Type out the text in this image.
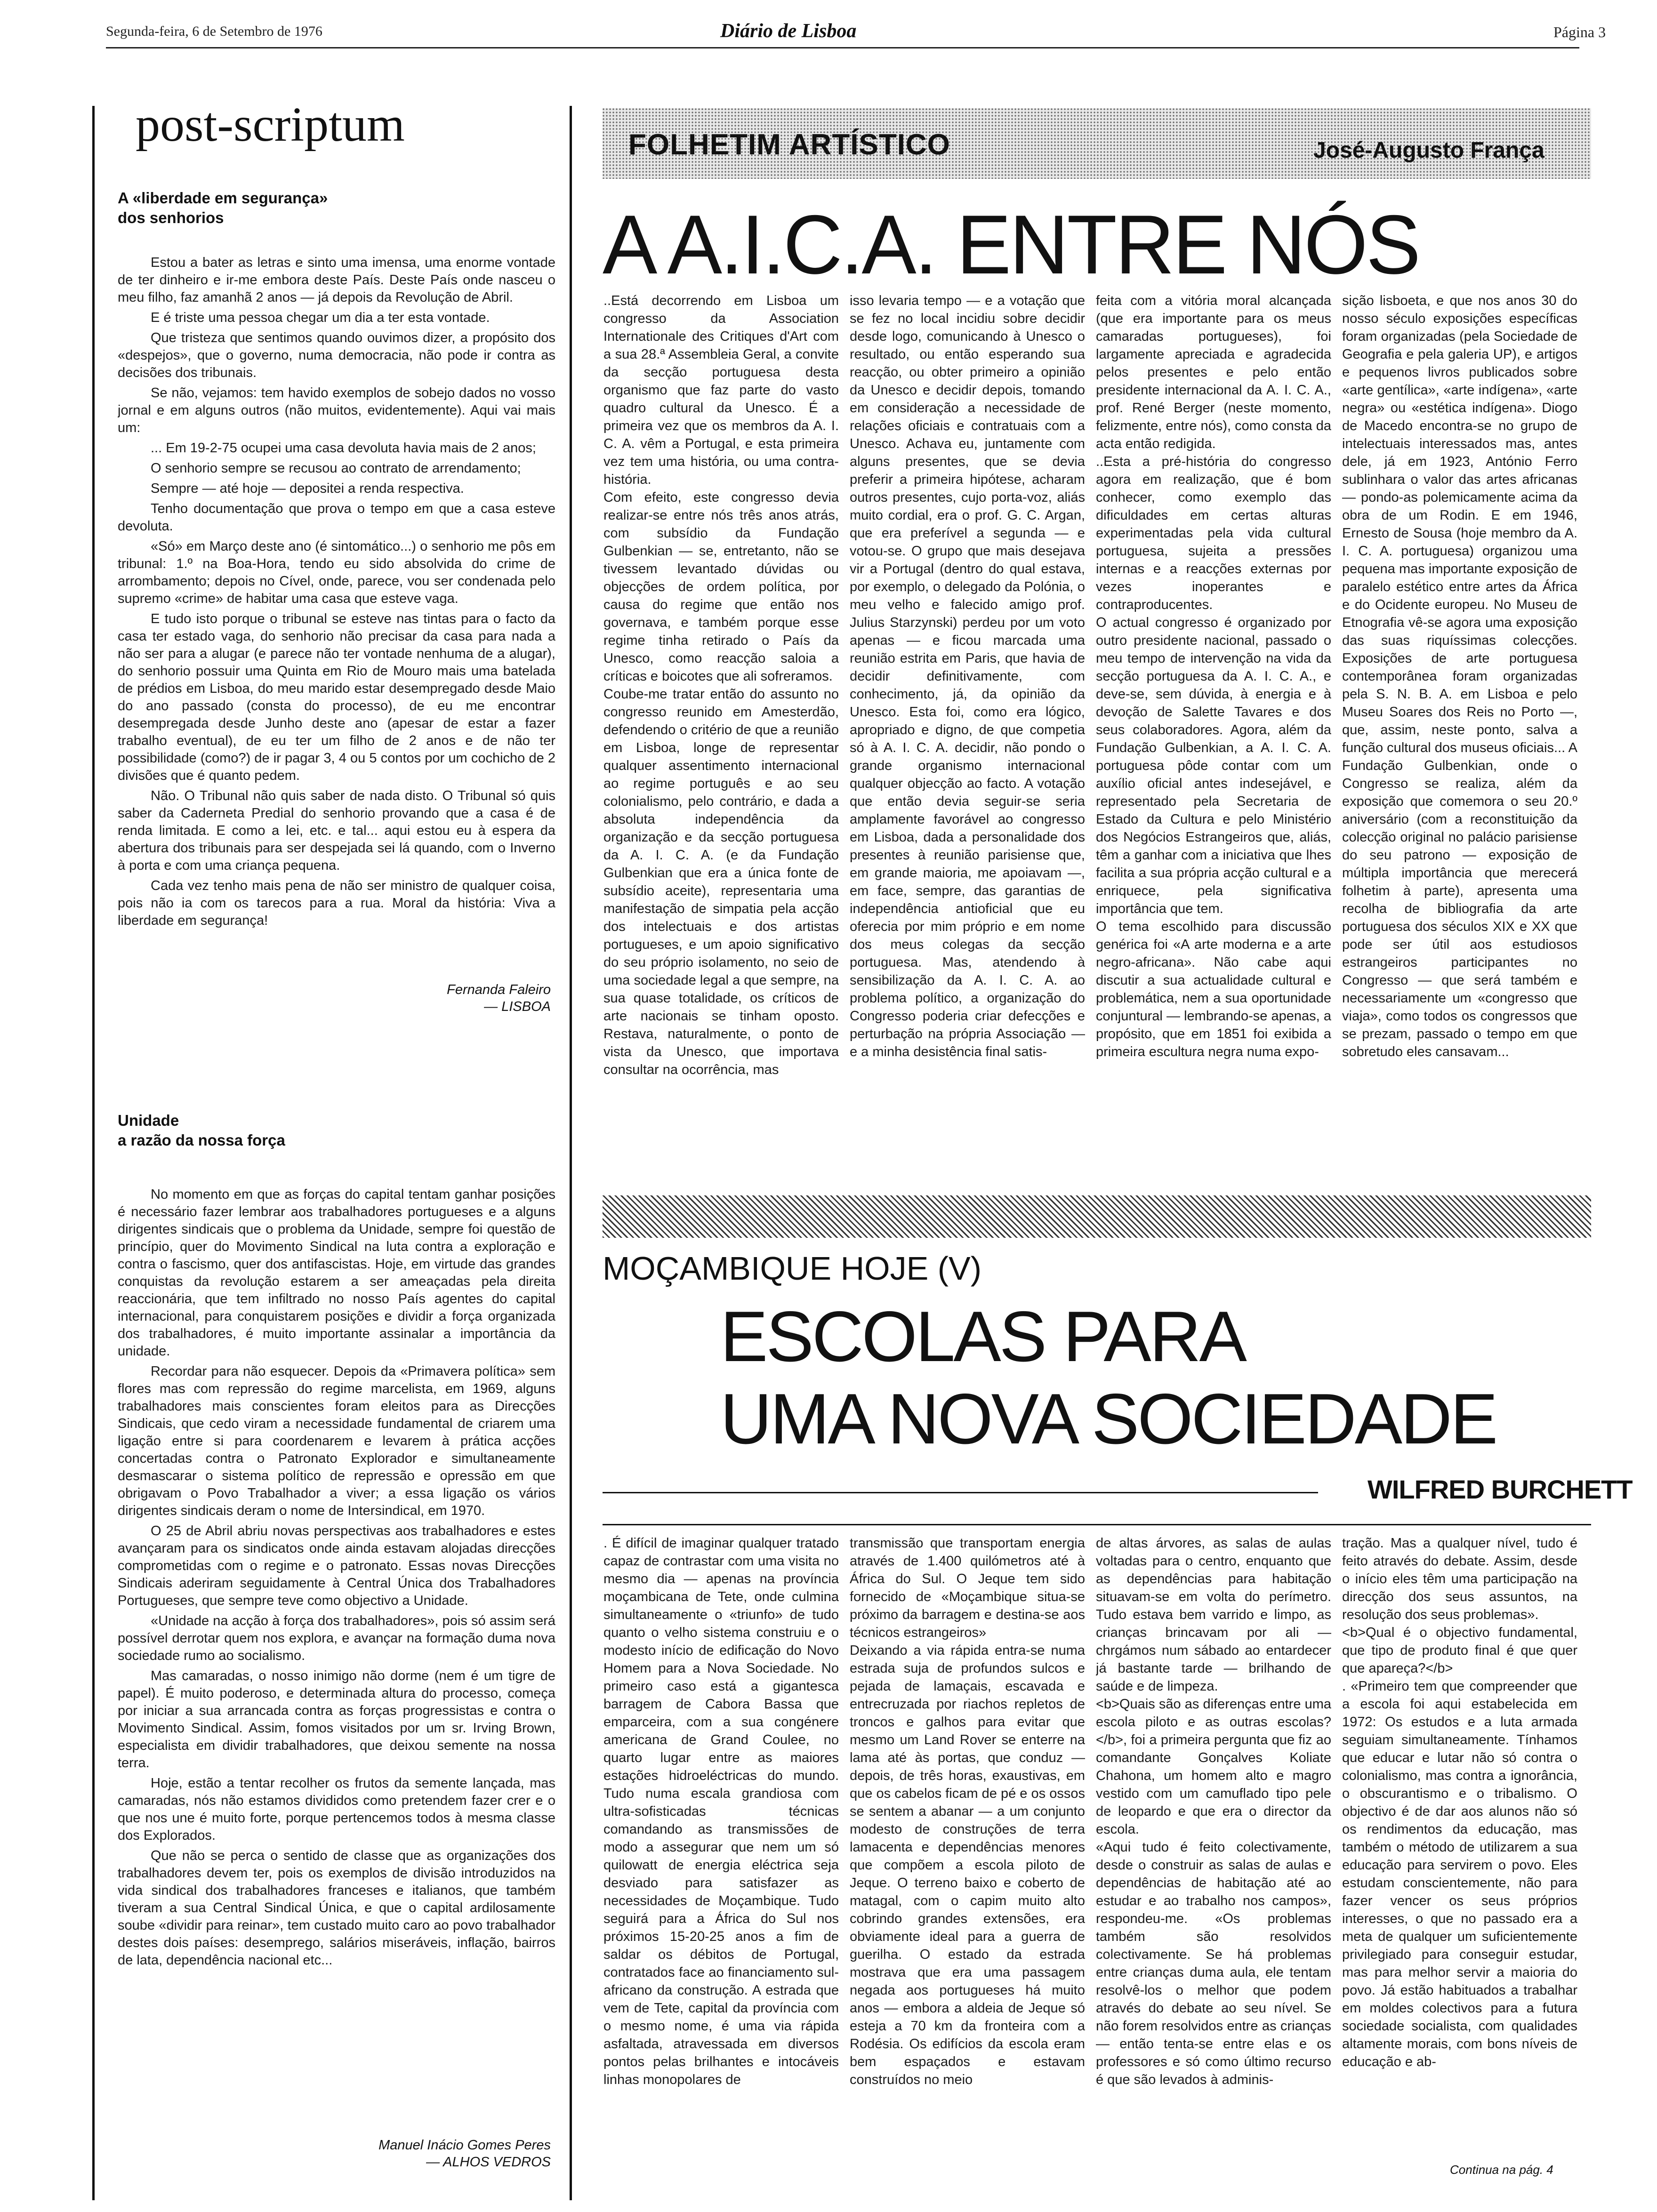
Segunda-feira, 6 de Setembro de 1976	Diário de Lisboa	Página 3
post-scriptum
A «liberdade em segurança»
dos senhorios

Estou a bater as letras e sinto uma imensa, uma enorme vontade de ter dinheiro e ir-me embora deste País. Deste País onde nasceu o meu filho, faz amanhã 2 anos — já depois da Revolução de Abril.

E é triste uma pessoa chegar um dia a ter esta vontade.

Que tristeza que sentimos quando ouvimos dizer, a propósito dos «despejos», que o governo, numa democracia, não pode ir contra as decisões dos tribunais.

Se não, vejamos: tem havido exemplos de sobejo dados no vosso jornal e em alguns outros (não muitos, evidentemente). Aqui vai mais um:

... Em 19-2-75 ocupei uma casa devoluta havia mais de 2 anos;

O senhorio sempre se recusou ao contrato de arrendamento;

Sempre — até hoje — depositei a renda respectiva.

Tenho documentação que prova o tempo em que a casa esteve devoluta.

«Só» em Março deste ano (é sintomático...) o senhorio me pôs em tribunal: 1.º na Boa-Hora, tendo eu sido absolvida do crime de arrombamento; depois no Cível, onde, parece, vou ser condenada pelo supremo «crime» de habitar uma casa que esteve vaga.

E tudo isto porque o tribunal se esteve nas tintas para o facto da casa ter estado vaga, do senhorio não precisar da casa para nada a não ser para a alugar (e parece não ter vontade nenhuma de a alugar), do senhorio possuir uma Quinta em Rio de Mouro mais uma batelada de prédios em Lisboa, do meu marido estar desempregado desde Maio do ano passado (consta do processo), de eu me encontrar desempregada desde Junho deste ano (apesar de estar a fazer trabalho eventual), de eu ter um filho de 2 anos e de não ter possibilidade (como?) de ir pagar 3, 4 ou 5 contos por um cochicho de 2 divisões que é quanto pedem.

Não. O Tribunal não quis saber de nada disto. O Tribunal só quis saber da Caderneta Predial do senhorio provando que a casa é de renda limitada. E como a lei, etc. e tal... aqui estou eu à espera da abertura dos tribunais para ser despejada sei lá quando, com o Inverno à porta e com uma criança pequena.

Cada vez tenho mais pena de não ser ministro de qualquer coisa, pois não ia com os tarecos para a rua. Moral da história: Viva a liberdade em segurança!

Fernanda Faleiro
— LISBOA
Unidade
a razão da nossa força

No momento em que as forças do capital tentam ganhar posições é necessário fazer lembrar aos trabalhadores portugueses e a alguns dirigentes sindicais que o problema da Unidade, sempre foi questão de princípio, quer do Movimento Sindical na luta contra a exploração e contra o fascismo, quer dos antifascistas. Hoje, em virtude das grandes conquistas da revolução estarem a ser ameaçadas pela direita reaccionária, que tem infiltrado no nosso País agentes do capital internacional, para conquistarem posições e dividir a força organizada dos trabalhadores, é muito importante assinalar a importância da unidade.

Recordar para não esquecer. Depois da «Primavera política» sem flores mas com repressão do regime marcelista, em 1969, alguns trabalhadores mais conscientes foram eleitos para as Direcções Sindicais, que cedo viram a necessidade fundamental de criarem uma ligação entre si para coordenarem e levarem à prática acções concertadas contra o Patronato Explorador e simultaneamente desmascarar o sistema político de repressão e opressão em que obrigavam o Povo Trabalhador a viver; a essa ligação os vários dirigentes sindicais deram o nome de Intersindical, em 1970.

O 25 de Abril abriu novas perspectivas aos trabalhadores e estes avançaram para os sindicatos onde ainda estavam alojadas direcções comprometidas com o regime e o patronato. Essas novas Direcções Sindicais aderiram seguidamente à Central Única dos Trabalhadores Portugueses, que sempre teve como objectivo a Unidade.

«Unidade na acção à força dos trabalhadores», pois só assim será possível derrotar quem nos explora, e avançar na formação duma nova sociedade rumo ao socialismo.

Mas camaradas, o nosso inimigo não dorme (nem é um tigre de papel). É muito poderoso, e determinada altura do processo, começa por iniciar a sua arrancada contra as forças progressistas e contra o Movimento Sindical. Assim, fomos visitados por um sr. Irving Brown, especialista em dividir trabalhadores, que deixou semente na nossa terra.

Hoje, estão a tentar recolher os frutos da semente lançada, mas camaradas, nós não estamos divididos como pretendem fazer crer e o que nos une é muito forte, porque pertencemos todos à mesma classe dos Explorados.

Que não se perca o sentido de classe que as organizações dos trabalhadores devem ter, pois os exemplos de divisão introduzidos na vida sindical dos trabalhadores franceses e italianos, que também tiveram a sua Central Sindical Única, e que o capital ardilosamente soube «dividir para reinar», tem custado muito caro ao povo trabalhador destes dois países: desemprego, salários miseráveis, inflação, bairros de lata, dependência nacional etc...

Manuel Inácio Gomes Peres
— ALHOS VEDROS
FOLHETIM ARTÍSTICO	José-Augusto França
A A.I.C.A. ENTRE NÓS

..Está decorrendo em Lisboa um congresso da Association Internationale des Critiques d'Art com a sua 28.ª Assembleia Geral, a convite da secção portuguesa desta organismo que faz parte do vasto quadro cultural da Unesco. É a primeira vez que os membros da A. I. C. A. vêm a Portugal, e esta primeira vez tem uma história, ou uma contra-história.
Com efeito, este congresso devia realizar-se entre nós três anos atrás, com subsídio da Fundação Gulbenkian — se, entretanto, não se tivessem levantado dúvidas ou objecções de ordem política, por causa do regime que então nos governava, e também porque esse regime tinha retirado o País da Unesco, como reacção saloia a críticas e boicotes que ali sofreramos.
Coube-me tratar então do assunto no congresso reunido em Amesterdão, defendendo o critério de que a reunião em Lisboa, longe de representar qualquer assentimento internacional ao regime português e ao seu colonialismo, pelo contrário, e dada a absoluta independência da organização e da secção portuguesa da A. I. C. A. (e da Fundação Gulbenkian que era a única fonte de subsídio aceite), representaria uma manifestação de simpatia pela acção dos intelectuais e dos artistas portugueses, e um apoio significativo do seu próprio isolamento, no seio de uma sociedade legal a que sempre, na sua quase totalidade, os críticos de arte nacionais se tinham oposto. Restava, naturalmente, o ponto de vista da Unesco, que importava consultar na ocorrência, mas

isso levaria tempo — e a votação que se fez no local incidiu sobre decidir desde logo, comunicando à Unesco o resultado, ou então esperando sua reacção, ou obter primeiro a opinião da Unesco e decidir depois, tomando em consideração a necessidade de relações oficiais e contratuais com a Unesco. Achava eu, juntamente com alguns presentes, que se devia preferir a primeira hipótese, acharam outros presentes, cujo porta-voz, aliás muito cordial, era o prof. G. C. Argan, que era preferível a segunda — e votou-se. O grupo que mais desejava vir a Portugal (dentro do qual estava, por exemplo, o delegado da Polónia, o meu velho e falecido amigo prof. Julius Starzynski) perdeu por um voto apenas — e ficou marcada uma reunião estrita em Paris, que havia de decidir definitivamente, com conhecimento, já, da opinião da Unesco. Esta foi, como era lógico, apropriado e digno, de que competia só à A. I. C. A. decidir, não pondo o grande organismo internacional qualquer objecção ao facto. A votação que então devia seguir-se seria amplamente favorável ao congresso em Lisboa, dada a personalidade dos presentes à reunião parisiense que, em grande maioria, me apoiavam —, em face, sempre, das garantias de independência antioficial que eu oferecia por mim próprio e em nome dos meus colegas da secção portuguesa. Mas, atendendo à sensibilização da A. I. C. A. ao problema político, a organização do Congresso poderia criar defecções e perturbação na própria Associação — e a minha desistência final satis-

feita com a vitória moral alcançada (que era importante para os meus camaradas portugueses), foi largamente apreciada e agradecida pelos presentes e pelo então presidente internacional da A. I. C. A., prof. René Berger (neste momento, felizmente, entre nós), como consta da acta então redigida.
..Esta a pré-história do congresso agora em realização, que é bom conhecer, como exemplo das dificuldades em certas alturas experimentadas pela vida cultural portuguesa, sujeita a pressões internas e a reacções externas por vezes inoperantes e contraproducentes.
O actual congresso é organizado por outro presidente nacional, passado o meu tempo de intervenção na vida da secção portuguesa da A. I. C. A., e deve-se, sem dúvida, à energia e à devoção de Salette Tavares e dos seus colaboradores. Agora, além da Fundação Gulbenkian, a A. I. C. A. portuguesa pôde contar com um auxílio oficial antes indesejável, e representado pela Secretaria de Estado da Cultura e pelo Ministério dos Negócios Estrangeiros que, aliás, têm a ganhar com a iniciativa que lhes facilita a sua própria acção cultural e a enriquece, pela significativa importância que tem.
O tema escolhido para discussão genérica foi «A arte moderna e a arte negro-africana». Não cabe aqui discutir a sua actualidade cultural e problemática, nem a sua oportunidade conjuntural — lembrando-se apenas, a propósito, que em 1851 foi exibida a primeira escultura negra numa expo-

sição lisboeta, e que nos anos 30 do nosso século exposições específicas foram organizadas (pela Sociedade de Geografia e pela galeria UP), e artigos e pequenos livros publicados sobre «arte gentílica», «arte indígena», «arte negra» ou «estética indígena». Diogo de Macedo encontra-se no grupo de intelectuais interessados mas, antes dele, já em 1923, António Ferro sublinhara o valor das artes africanas — pondo-as polemicamente acima da obra de um Rodin. E em 1946, Ernesto de Sousa (hoje membro da A. I. C. A. portuguesa) organizou uma pequena mas importante exposição de paralelo estético entre artes da África e do Ocidente europeu. No Museu de Etnografia vê-se agora uma exposição das suas riquíssimas colecções. Exposições de arte portuguesa contemporânea foram organizadas pela S. N. B. A. em Lisboa e pelo Museu Soares dos Reis no Porto —, que, assim, neste ponto, salva a função cultural dos museus oficiais... A Fundação Gulbenkian, onde o Congresso se realiza, além da exposição que comemora o seu 20.º aniversário (com a reconstituição da colecção original no palácio parisiense do seu patrono — exposição de múltipla importância que merecerá folhetim à parte), apresenta uma recolha de bibliografia da arte portuguesa dos séculos XIX e XX que pode ser útil aos estudiosos estrangeiros participantes no Congresso — que será também e necessariamente um «congresso que viaja», como todos os congressos que se prezam, passado o tempo em que sobretudo eles cansavam...

MOÇAMBIQUE HOJE (V)
ESCOLAS PARA
UMA NOVA SOCIEDADE
WILFRED BURCHETT

. É difícil de imaginar qualquer tratado capaz de contrastar com uma visita no mesmo dia — apenas na província moçambicana de Tete, onde culmina simultaneamente o «triunfo» de tudo quanto o velho sistema construiu e o modesto início de edificação do Novo Homem para a Nova Sociedade. No primeiro caso está a gigantesca barragem de Cabora Bassa que emparceira, com a sua congénere americana de Grand Coulee, no quarto lugar entre as maiores estações hidroeléctricas do mundo. Tudo numa escala grandiosa com ultra-sofisticadas técnicas comandando as transmissões de modo a assegurar que nem um só quilowatt de energia eléctrica seja desviado para satisfazer as necessidades de Moçambique. Tudo seguirá para a África do Sul nos próximos 15-20-25 anos a fim de saldar os débitos de Portugal, contratados face ao financiamento sul-africano da construção. A estrada que vem de Tete, capital da província com o mesmo nome, é uma via rápida asfaltada, atravessada em diversos pontos pelas brilhantes e intocáveis linhas monopolares de

transmissão que transportam energia através de 1.400 quilómetros até à África do Sul. O Jeque tem sido fornecido de «Moçambique situa-se próximo da barragem e destina-se aos técnicos estrangeiros»
Deixando a via rápida entra-se numa estrada suja de profundos sulcos e pejada de lamaçais, escavada e entrecruzada por riachos repletos de troncos e galhos para evitar que mesmo um Land Rover se enterre na lama até às portas, que conduz — depois, de três horas, exaustivas, em que os cabelos ficam de pé e os ossos se sentem a abanar — a um conjunto modesto de construções de terra lamacenta e dependências menores que compõem a escola piloto de Jeque. O terreno baixo e coberto de matagal, com o capim muito alto cobrindo grandes extensões, era obviamente ideal para a guerra de guerilha. O estado da estrada mostrava que era uma passagem negada aos portugueses há muito anos — embora a aldeia de Jeque só esteja a 70 km da fronteira com a Rodésia. Os edifícios da escola eram bem espaçados e estavam construídos no meio

de altas árvores, as salas de aulas voltadas para o centro, enquanto que as dependências para habitação situavam-se em volta do perímetro. Tudo estava bem varrido e limpo, as crianças brincavam por ali — chrgámos num sábado ao entardecer já bastante tarde — brilhando de saúde e de limpeza.
<b>Quais são as diferenças entre uma escola piloto e as outras escolas?</b>, foi a primeira pergunta que fiz ao comandante Gonçalves Koliate Chahona, um homem alto e magro vestido com um camuflado tipo pele de leopardo e que era o director da escola.
«Aqui tudo é feito colectivamente, desde o construir as salas de aulas e dependências de habitação até ao estudar e ao trabalho nos campos», respondeu-me. «Os problemas também são resolvidos colectivamente. Se há problemas entre crianças duma aula, ele tentam resolvê-los o melhor que podem através do debate ao seu nível. Se não forem resolvidos entre as crianças — então tenta-se entre elas e os professores e só como último recurso é que são levados à adminis-

tração. Mas a qualquer nível, tudo é feito através do debate. Assim, desde o início eles têm uma participação na direcção dos seus assuntos, na resolução dos seus problemas».
<b>Qual é o objectivo fundamental, que tipo de produto final é que quer que apareça?</b>
. «Primeiro tem que compreender que a escola foi aqui estabelecida em 1972: Os estudos e a luta armada seguiam simultaneamente. Tínhamos que educar e lutar não só contra o colonialismo, mas contra a ignorância, o obscurantismo e o tribalismo. O objectivo é de dar aos alunos não só os rendimentos da educação, mas também o método de utilizarem a sua educação para servirem o povo. Eles estudam conscientemente, não para fazer vencer os seus próprios interesses, o que no passado era a meta de qualquer um suficientemente privilegiado para conseguir estudar, mas para melhor servir a maioria do povo. Já estão habituados a trabalhar em moldes colectivos para a futura sociedade socialista, com qualidades altamente morais, com bons níveis de educação e ab-

Continua na pág. 4
